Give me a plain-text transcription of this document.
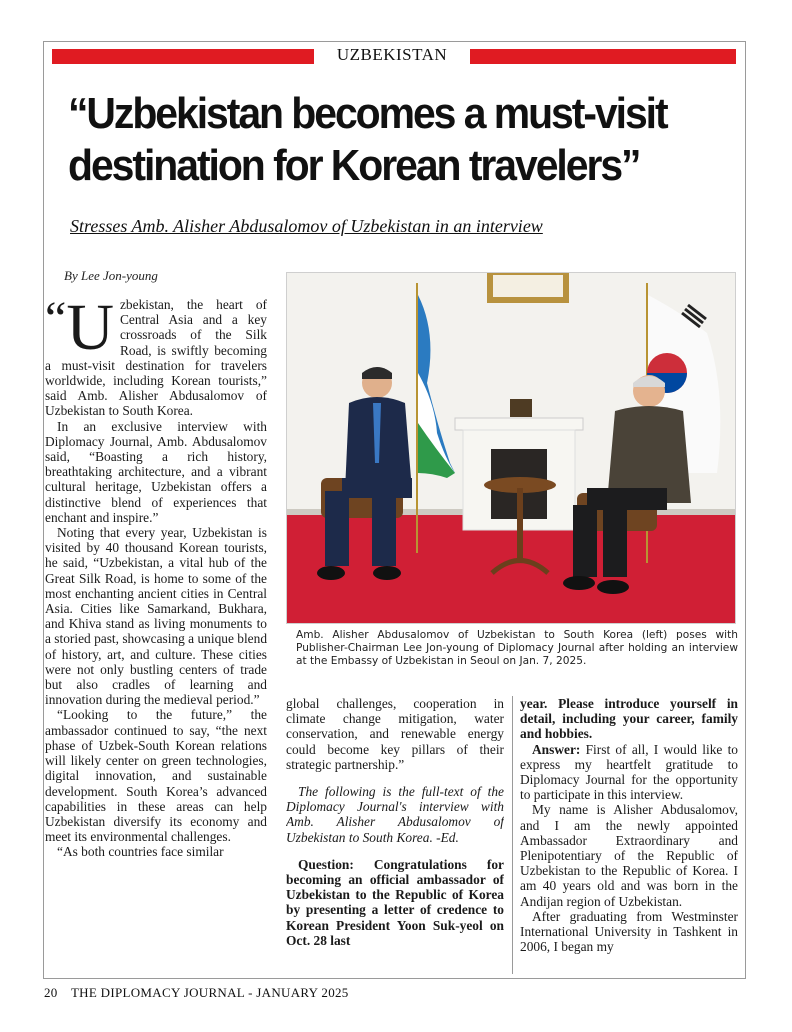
UZBEKISTAN
“Uzbekistan becomes a must-visit
destination for Korean travelers”
Stresses Amb. Alisher Abdusalomov of Uzbekistan in an interview
By Lee Jon-young

“U zbekistan, the heart of Central Asia and a key crossroads of the Silk Road, is swiftly becoming a must-visit destination for travelers worldwide, including Korean tourists,” said Amb. Alisher Abdusalomov of Uzbekistan to South Korea.

In an exclusive interview with Diplomacy Journal, Amb. Abdusalomov said, “Boasting a rich history, breathtaking architecture, and a vibrant cultural heritage, Uzbekistan offers a distinctive blend of experiences that enchant and inspire.”

Noting that every year, Uzbekistan is visited by 40 thousand Korean tourists, he said, “Uzbekistan, a vital hub of the Great Silk Road, is home to some of the most enchanting ancient cities in Central Asia. Cities like Samarkand, Bukhara, and Khiva stand as living monuments to a storied past, showcasing a unique blend of history, art, and culture. These cities were not only bustling centers of trade but also cradles of learning and innovation during the medieval period.”

“Looking to the future,” the ambassador continued to say, “the next phase of Uzbek-South Korean relations will likely center on green technologies, digital innovation, and sustainable development. South Korea’s advanced capabilities in these areas can help Uzbekistan diversify its economy and meet its environmental challenges.

“As both countries face similar

Amb. Alisher Abdusalomov of Uzbekistan to South Korea (left) poses with Publisher-Chairman Lee Jon-young of Diplomacy Journal after holding an interview at the Embassy of Uzbekistan in Seoul on Jan. 7, 2025.

global challenges, cooperation in climate change mitigation, water conservation, and renewable energy could become key pillars of their strategic partnership.”

The following is the full-text of the Diplomacy Journal's interview with Amb. Alisher Abdusalomov of Uzbekistan to South Korea. -Ed.

Question: Congratulations for becoming an official ambassador of Uzbekistan to the Republic of Korea by presenting a letter of credence to Korean President Yoon Suk-yeol on Oct. 28 last

year. Please introduce yourself in detail, including your career, family and hobbies.

Answer: First of all, I would like to express my heartfelt gratitude to Diplomacy Journal for the opportunity to participate in this interview.

My name is Alisher Abdusalomov, and I am the newly appointed Ambassador Extraordinary and Plenipotentiary of the Republic of Uzbekistan to the Republic of Korea. I am 40 years old and was born in the Andijan region of Uzbekistan.

After graduating from Westminster International University in Tashkent in 2006, I began my

20 THE DIPLOMACY JOURNAL - JANUARY 2025
